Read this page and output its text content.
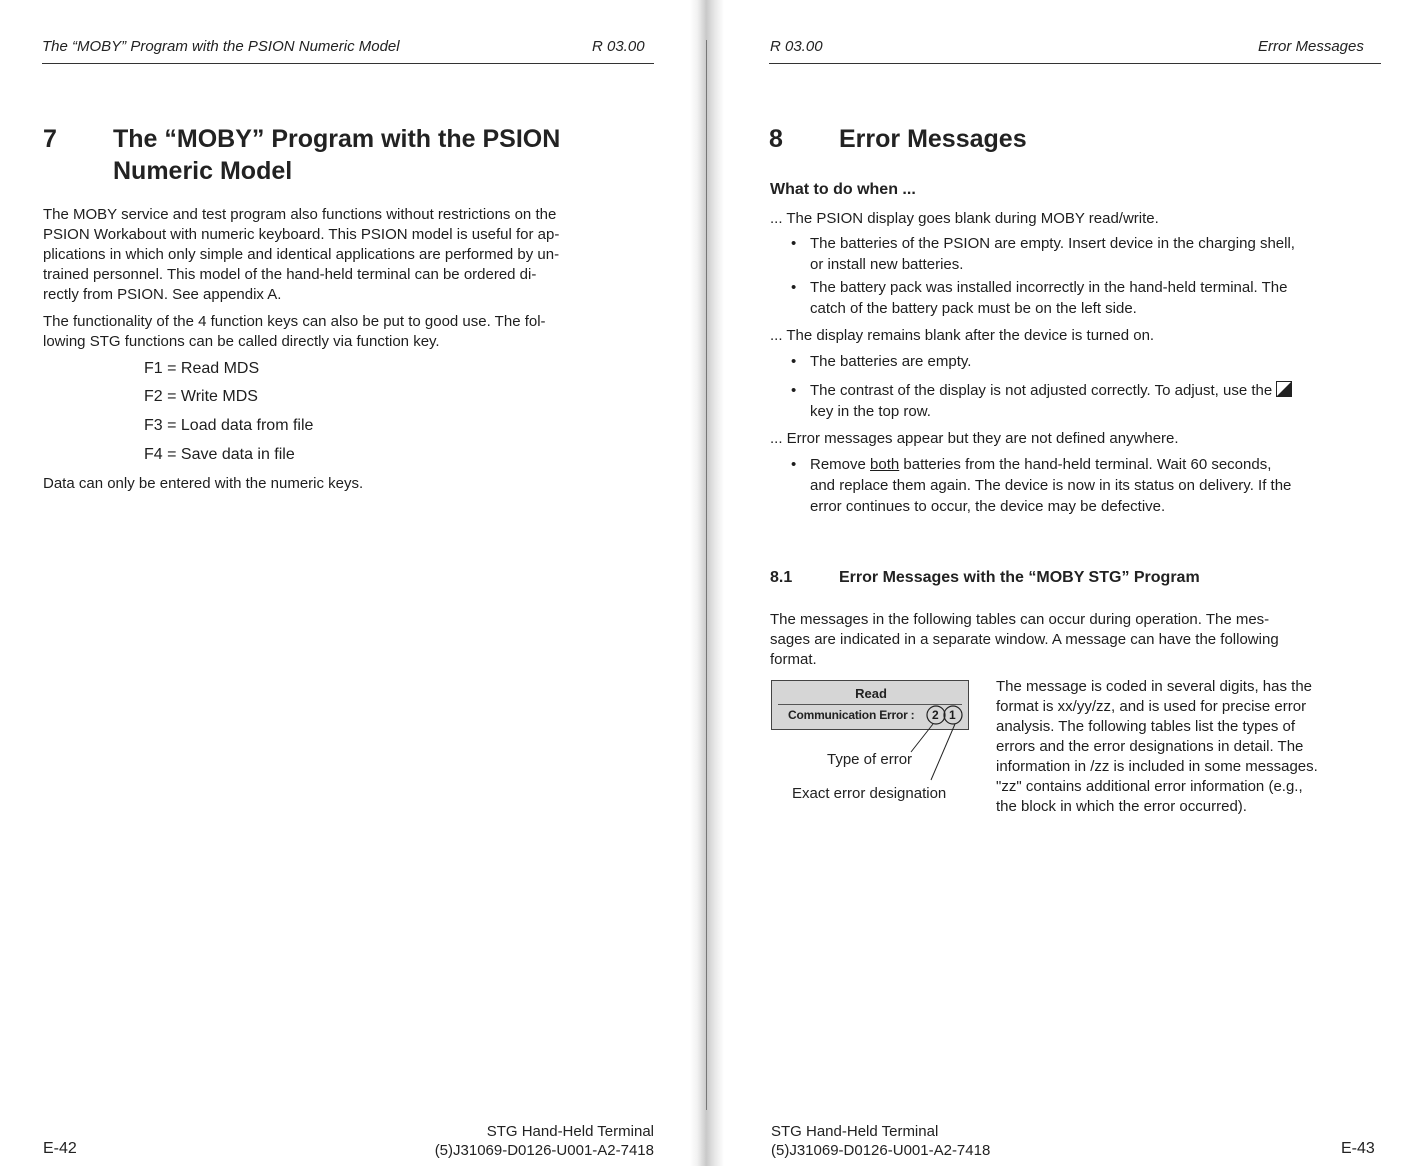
The “MOBY” Program with the PSION Numeric Model	R 03.00
7 The “MOBY” Program with the PSION
Numeric Model
The MOBY service and test program also functions without restrictions on the
PSION Workabout with numeric keyboard. This PSION model is useful for ap-
plications in which only simple and identical applications are performed by un-
trained personnel. This model of the hand-held terminal can be ordered di-
rectly from PSION. See appendix A.
The functionality of the 4 function keys can also be put to good use. The fol-
lowing STG functions can be called directly via function key.
F1 = Read MDS
F2 = Write MDS
F3 = Load data from file
F4 = Save data in file
Data can only be entered with the numeric keys.
STG Hand-Held Terminal
(5)J31069-D0126-U001-A2-7418
E-42
R 03.00	Error Messages
8 Error Messages
What to do when ...
... The PSION display goes blank during MOBY read/write.
• The batteries of the PSION are empty. Insert device in the charging shell,
or install new batteries.
• The battery pack was installed incorrectly in the hand-held terminal. The
catch of the battery pack must be on the left side.
... The display remains blank after the device is turned on.
• The batteries are empty.
• The contrast of the display is not adjusted correctly. To adjust, use the
key in the top row.
... Error messages appear but they are not defined anywhere.
• Remove both batteries from the hand-held terminal. Wait 60 seconds,
and replace them again. The device is now in its status on delivery. If the
error continues to occur, the device may be defective.
8.1	Error Messages with the “MOBY STG” Program
The messages in the following tables can occur during operation. The mes-
sages are indicated in a separate window. A message can have the following
format.
Read
Communication Error : 2 1
Type of error
Exact error designation
The message is coded in several digits, has the
format is xx/yy/zz, and is used for precise error
analysis. The following tables list the types of
errors and the error designations in detail. The
information in /zz is included in some messages.
"zz" contains additional error information (e.g.,
the block in which the error occurred).
STG Hand-Held Terminal
(5)J31069-D0126-U001-A2-7418	E-43
